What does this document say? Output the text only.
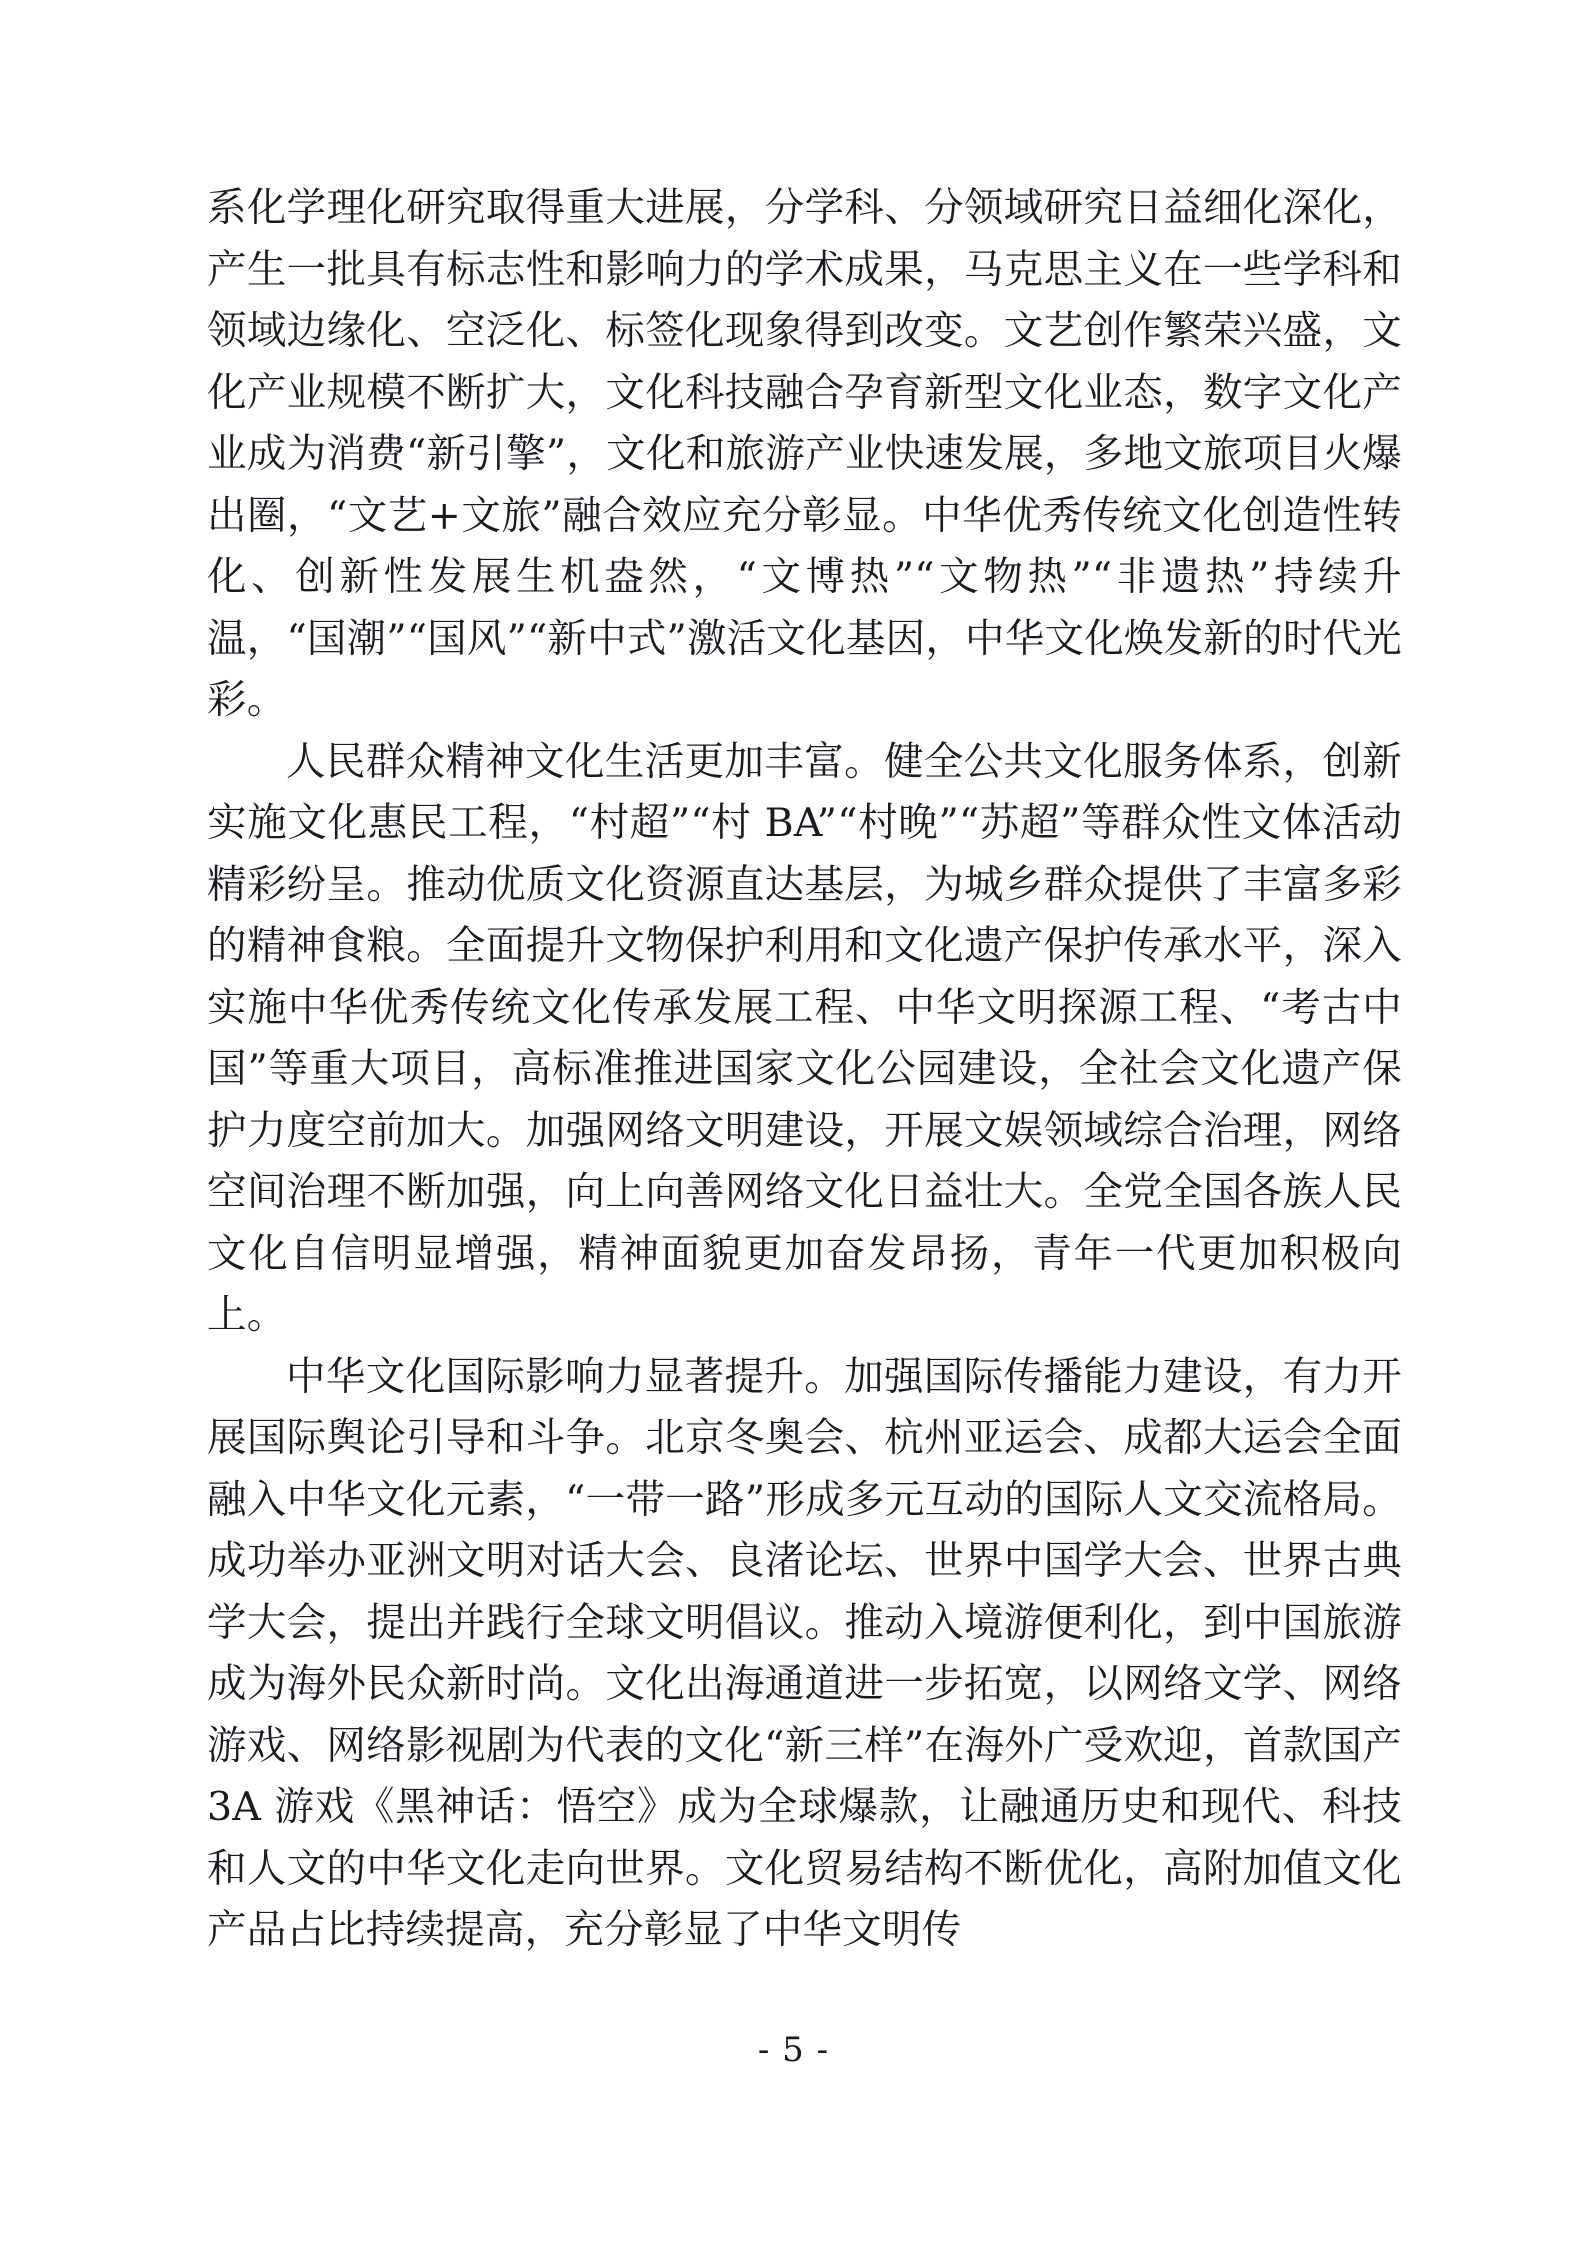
系化学理化研究取得重大进展，分学科、分领域研究日益细化深化，产生一批具有标志性和影响力的学术成果，马克思主义在一些学科和领域边缘化、空泛化、标签化现象得到改变。文艺创作繁荣兴盛，文化产业规模不断扩大，文化科技融合孕育新型文化业态，数字文化产业成为消费“新引擎”，文化和旅游产业快速发展，多地文旅项目火爆出圈，“文艺+文旅”融合效应充分彰显。中华优秀传统文化创造性转化、创新性发展生机盎然，“文博热”“文物热”“非遗热”持续升温，“国潮”“国风”“新中式”激活文化基因，中华文化焕发新的时代光彩。

人民群众精神文化生活更加丰富。健全公共文化服务体系，创新实施文化惠民工程，“村超”“村 BA”“村晚”“苏超”等群众性文体活动精彩纷呈。推动优质文化资源直达基层，为城乡群众提供了丰富多彩的精神食粮。全面提升文物保护利用和文化遗产保护传承水平，深入实施中华优秀传统文化传承发展工程、中华文明探源工程、“考古中国”等重大项目，高标准推进国家文化公园建设，全社会文化遗产保护力度空前加大。加强网络文明建设，开展文娱领域综合治理，网络空间治理不断加强，向上向善网络文化日益壮大。全党全国各族人民文化自信明显增强，精神面貌更加奋发昂扬，青年一代更加积极向上。

中华文化国际影响力显著提升。加强国际传播能力建设，有力开展国际舆论引导和斗争。北京冬奥会、杭州亚运会、成都大运会全面融入中华文化元素，“一带一路”形成多元互动的国际人文交流格局。成功举办亚洲文明对话大会、良渚论坛、世界中国学大会、世界古典学大会，提出并践行全球文明倡议。推动入境游便利化，到中国旅游成为海外民众新时尚。文化出海通道进一步拓宽，以网络文学、网络游戏、网络影视剧为代表的文化“新三样”在海外广受欢迎，首款国产 3A 游戏《黑神话：悟空》成为全球爆款，让融通历史和现代、科技和人文的中华文化走向世界。文化贸易结构不断优化，高附加值文化产品占比持续提高，充分彰显了中华文明传

- 5 -
